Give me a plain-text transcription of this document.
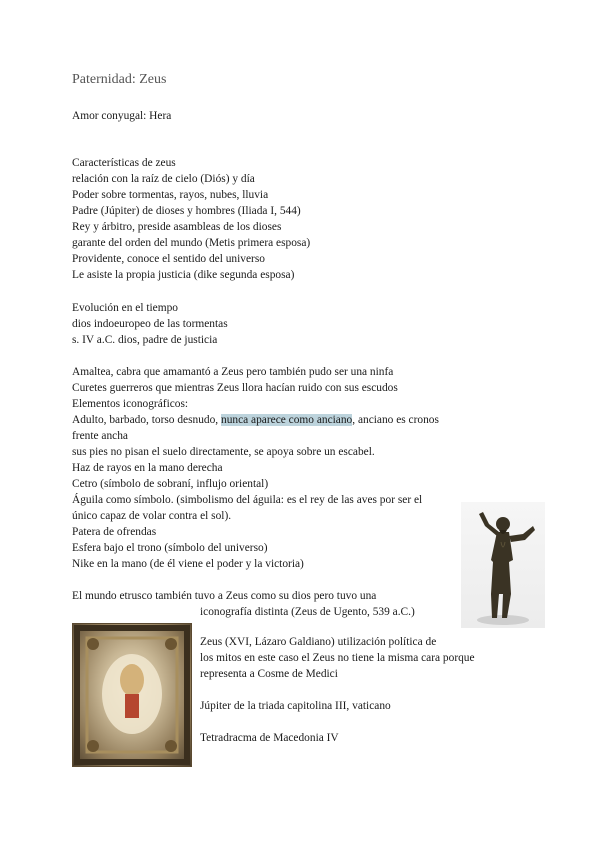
Paternidad: Zeus
Amor conyugal: Hera
Características de zeus
relación con la raíz de cielo (Diós) y día
Poder sobre tormentas, rayos, nubes, lluvia
Padre (Júpiter) de dioses y hombres (Iliada I, 544)
Rey y árbitro, preside asambleas de los dioses
garante del orden del mundo (Metis primera esposa)
Providente, conoce el sentido del universo
Le asiste la propia justicia (dike segunda esposa)
Evolución en el tiempo
dios indoeuropeo de las tormentas
s. IV a.C. dios, padre de justicia
Amaltea, cabra que amamantó a Zeus pero también pudo ser una ninfa
Curetes guerreros que mientras Zeus llora hacían ruido con sus escudos
Elementos iconográficos:
Adulto, barbado, torso desnudo, nunca aparece como anciano, anciano es cronos
frente ancha
sus pies no pisan el suelo directamente, se apoya sobre un escabel.
Haz de rayos en la mano derecha
Cetro (símbolo de sobraní, influjo oriental)
Águila como símbolo. (simbolismo del águila: es el rey de las aves por ser el
único capaz de volar contra el sol).
Patera de ofrendas
Esfera bajo el trono (símbolo del universo)
Nike en la mano (de él viene el poder y la victoria)
El mundo etrusco también tuvo a Zeus como su dios pero tuvo una
iconografía distinta (Zeus de Ugento, 539 a.C.)
Zeus (XVI, Lázaro Galdiano) utilización política de
los mitos en este caso el Zeus no tiene la misma cara porque
representa a Cosme de Medici
Júpiter de la triada capitolina III, vaticano
Tetradracma de Macedonia IV
